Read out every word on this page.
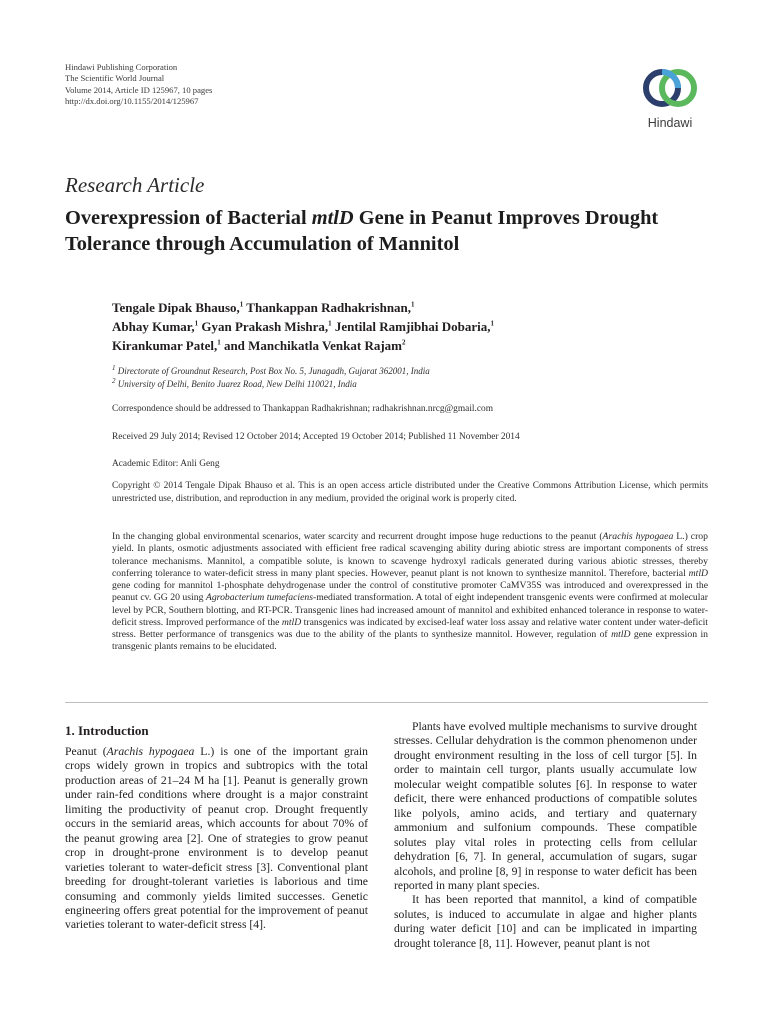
Hindawi Publishing Corporation
The Scientific World Journal
Volume 2014, Article ID 125967, 10 pages
http://dx.doi.org/10.1155/2014/125967
Hindawi
Research Article
Overexpression of Bacterial mtlD Gene in Peanut Improves Drought Tolerance through Accumulation of Mannitol
Tengale Dipak Bhauso,$^1$ Thankappan Radhakrishnan,$^1$
Abhay Kumar,$^1$ Gyan Prakash Mishra,$^1$ Jentilal Ramjibhai Dobaria,$^1$
Kirankumar Patel,$^1$ and Manchikatla Venkat Rajam$^2$
$^1$ Directorate of Groundnut Research, Post Box No. 5, Junagadh, Gujarat 362001, India
$^2$ University of Delhi, Benito Juarez Road, New Delhi 110021, India
Correspondence should be addressed to Thankappan Radhakrishnan; radhakrishnan.nrcg@gmail.com
Received 29 July 2014; Revised 12 October 2014; Accepted 19 October 2014; Published 11 November 2014
Academic Editor: Anli Geng
Copyright © 2014 Tengale Dipak Bhauso et al. This is an open access article distributed under the Creative Commons Attribution License, which permits unrestricted use, distribution, and reproduction in any medium, provided the original work is properly cited.
In the changing global environmental scenarios, water scarcity and recurrent drought impose huge reductions to the peanut (Arachis hypogaea L.) crop yield. In plants, osmotic adjustments associated with efficient free radical scavenging ability during abiotic stress are important components of stress tolerance mechanisms. Mannitol, a compatible solute, is known to scavenge hydroxyl radicals generated during various abiotic stresses, thereby conferring tolerance to water-deficit stress in many plant species. However, peanut plant is not known to synthesize mannitol. Therefore, bacterial mtlD gene coding for mannitol 1-phosphate dehydrogenase under the control of constitutive promoter CaMV35S was introduced and overexpressed in the peanut cv. GG 20 using Agrobacterium tumefaciens-mediated transformation. A total of eight independent transgenic events were confirmed at molecular level by PCR, Southern blotting, and RT-PCR. Transgenic lines had increased amount of mannitol and exhibited enhanced tolerance in response to water-deficit stress. Improved performance of the mtlD transgenics was indicated by excised-leaf water loss assay and relative water content under water-deficit stress. Better performance of transgenics was due to the ability of the plants to synthesize mannitol. However, regulation of mtlD gene expression in transgenic plants remains to be elucidated.
1. Introduction

Peanut (Arachis hypogaea L.) is one of the important grain crops widely grown in tropics and subtropics with the total production areas of 21–24 M ha [1]. Peanut is generally grown under rain-fed conditions where drought is a major constraint limiting the productivity of peanut crop. Drought frequently occurs in the semiarid areas, which accounts for about 70% of the peanut growing area [2]. One of strategies to grow peanut crop in drought-prone environment is to develop peanut varieties tolerant to water-deficit stress [3]. Conventional plant breeding for drought-tolerant varieties is laborious and time consuming and commonly yields limited successes. Genetic engineering offers great potential for the improvement of peanut varieties tolerant to water-deficit stress [4].

Plants have evolved multiple mechanisms to survive drought stresses. Cellular dehydration is the common phenomenon under drought environment resulting in the loss of cell turgor [5]. In order to maintain cell turgor, plants usually accumulate low molecular weight compatible solutes [6]. In response to water deficit, there were enhanced productions of compatible solutes like polyols, amino acids, and tertiary and quaternary ammonium and sulfonium compounds. These compatible solutes play vital roles in protecting cells from cellular dehydration [6, 7]. In general, accumulation of sugars, sugar alcohols, and proline [8, 9] in response to water deficit has been reported in many plant species.

It has been reported that mannitol, a kind of compatible solutes, is induced to accumulate in algae and higher plants during water deficit [10] and can be implicated in imparting drought tolerance [8, 11]. However, peanut plant is not
